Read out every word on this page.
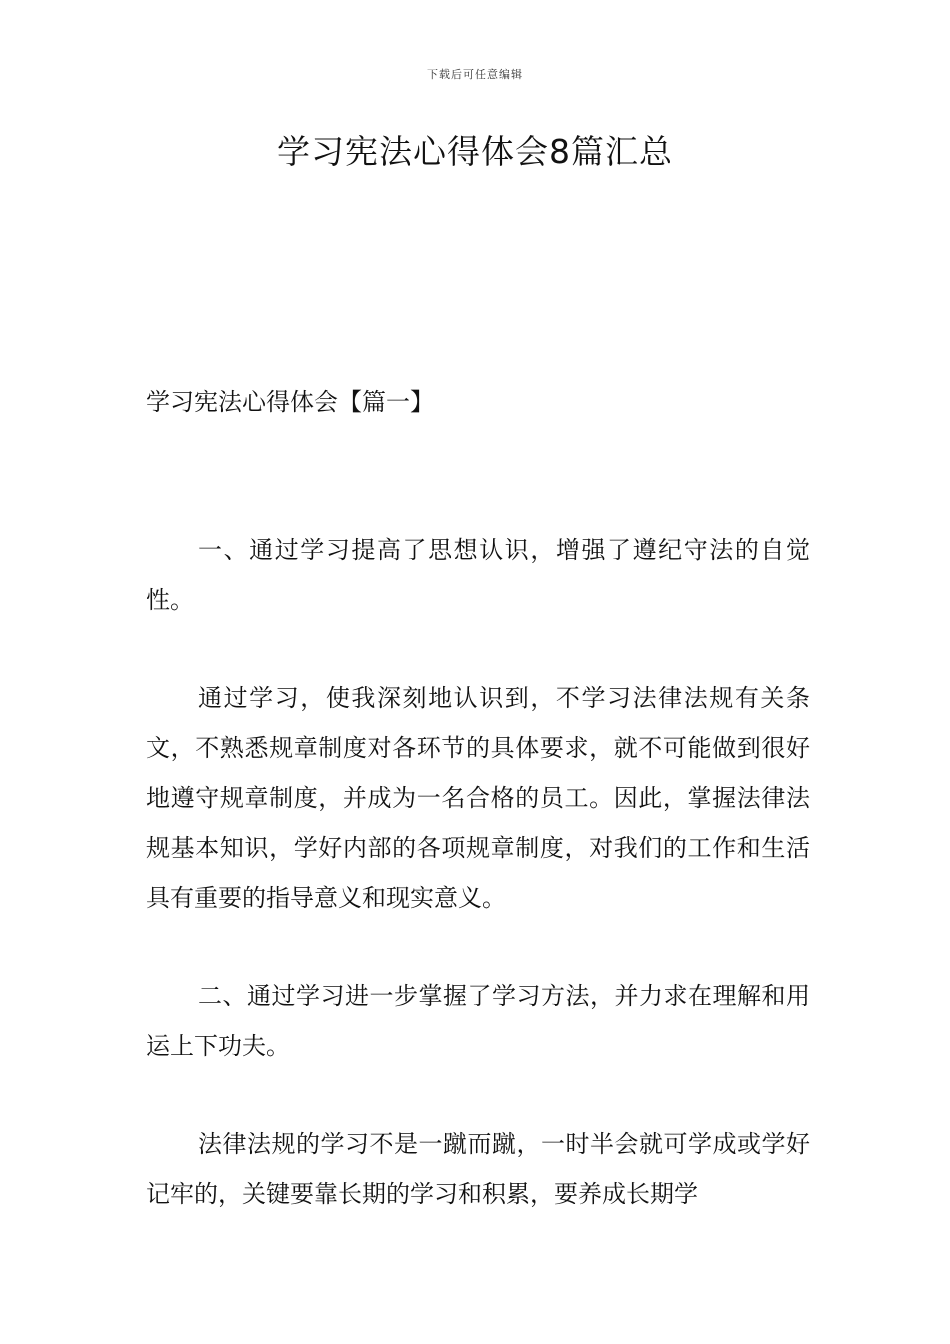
下载后可任意编辑
学习宪法心得体会8篇汇总
学习宪法心得体会【篇一】

一、通过学习提高了思想认识，增强了遵纪守法的自觉性。

通过学习，使我深刻地认识到，不学习法律法规有关条文，不熟悉规章制度对各环节的具体要求，就不可能做到很好地遵守规章制度，并成为一名合格的员工。因此，掌握法律法规基本知识，学好内部的各项规章制度，对我们的工作和生活具有重要的指导意义和现实意义。

二、通过学习进一步掌握了学习方法，并力求在理解和用运上下功夫。

法律法规的学习不是一蹴而蹴，一时半会就可学成或学好记牢的，关键要靠长期的学习和积累，要养成长期学
